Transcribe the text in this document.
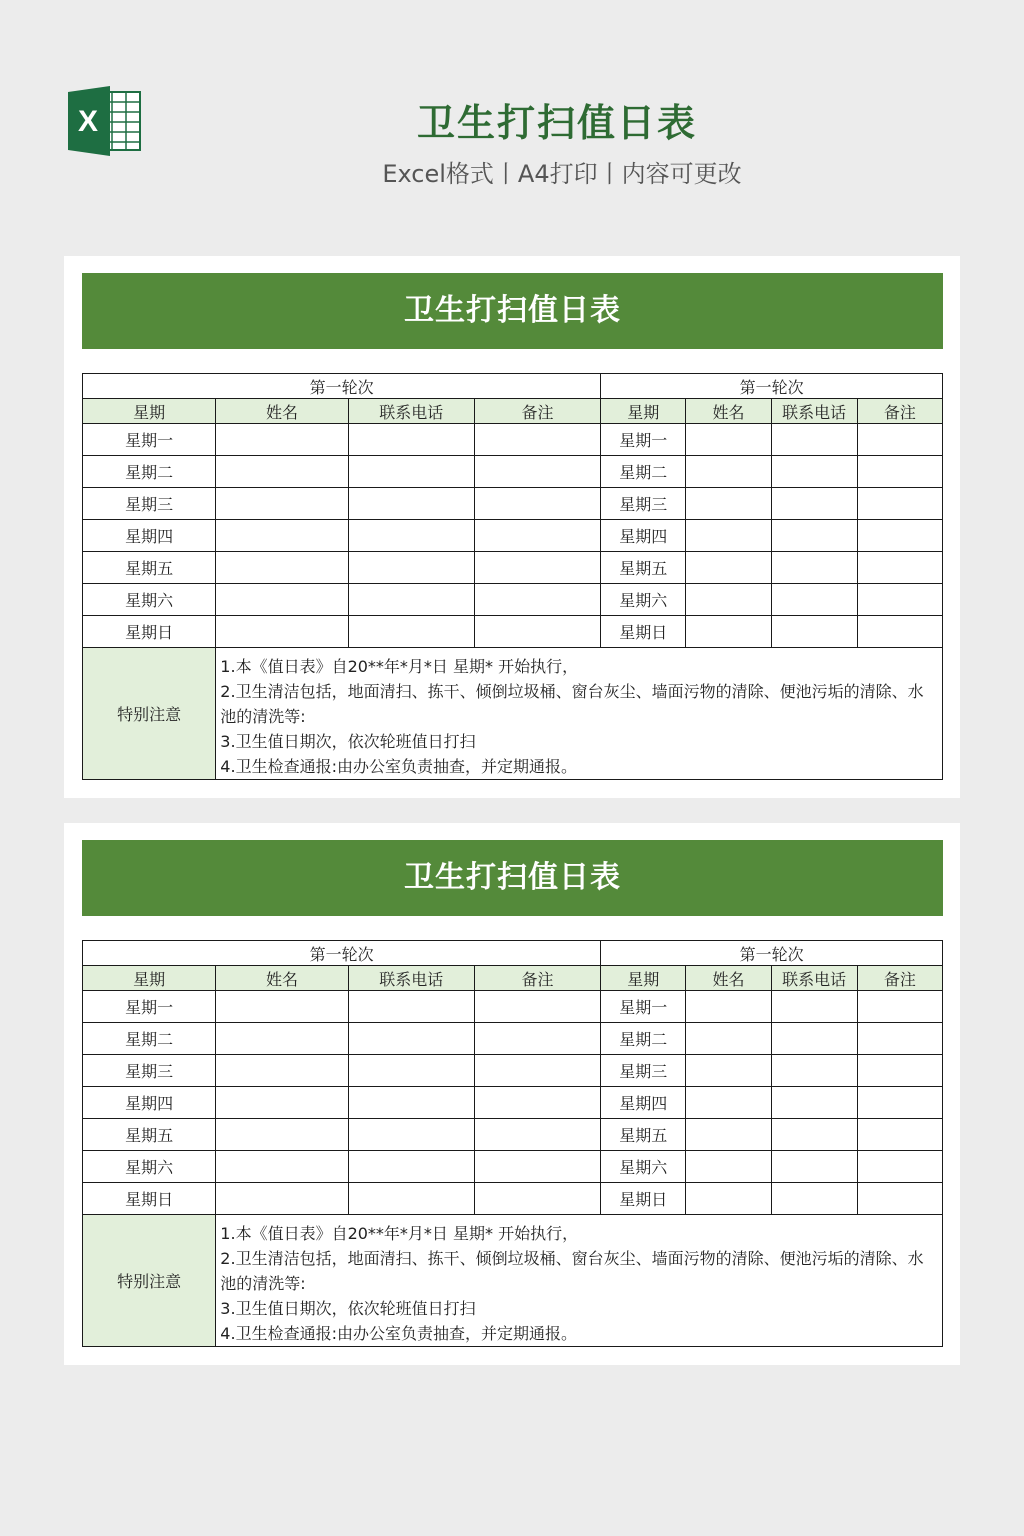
X	卫生打扫值日表
Excel格式丨A4打印丨内容可更改
卫生打扫值日表
第一轮次				第一轮次			
星期	姓名	联系电话	备注	星期	姓名	联系电话	备注
星期一				星期一			
星期二				星期二			
星期三				星期三			
星期四				星期四			
星期五				星期五			
星期六				星期六			
星期日				星期日			
特别注意	1.本《值日表》自20**年*月*日 星期* 开始执行，
2.卫生清洁包括，地面清扫、拣干、倾倒垃圾桶、窗台灰尘、墙面污物的清除、便池污垢的清除、水池的清洗等:
3.卫生值日期次，依次轮班值日打扫
4.卫生检查通报:由办公室负责抽查，并定期通报。						
卫生打扫值日表
第一轮次				第一轮次			
星期	姓名	联系电话	备注	星期	姓名	联系电话	备注
星期一				星期一			
星期二				星期二			
星期三				星期三			
星期四				星期四			
星期五				星期五			
星期六				星期六			
星期日				星期日			
特别注意	1.本《值日表》自20**年*月*日 星期* 开始执行，
2.卫生清洁包括，地面清扫、拣干、倾倒垃圾桶、窗台灰尘、墙面污物的清除、便池污垢的清除、水池的清洗等:
3.卫生值日期次，依次轮班值日打扫
4.卫生检查通报:由办公室负责抽查，并定期通报。						
